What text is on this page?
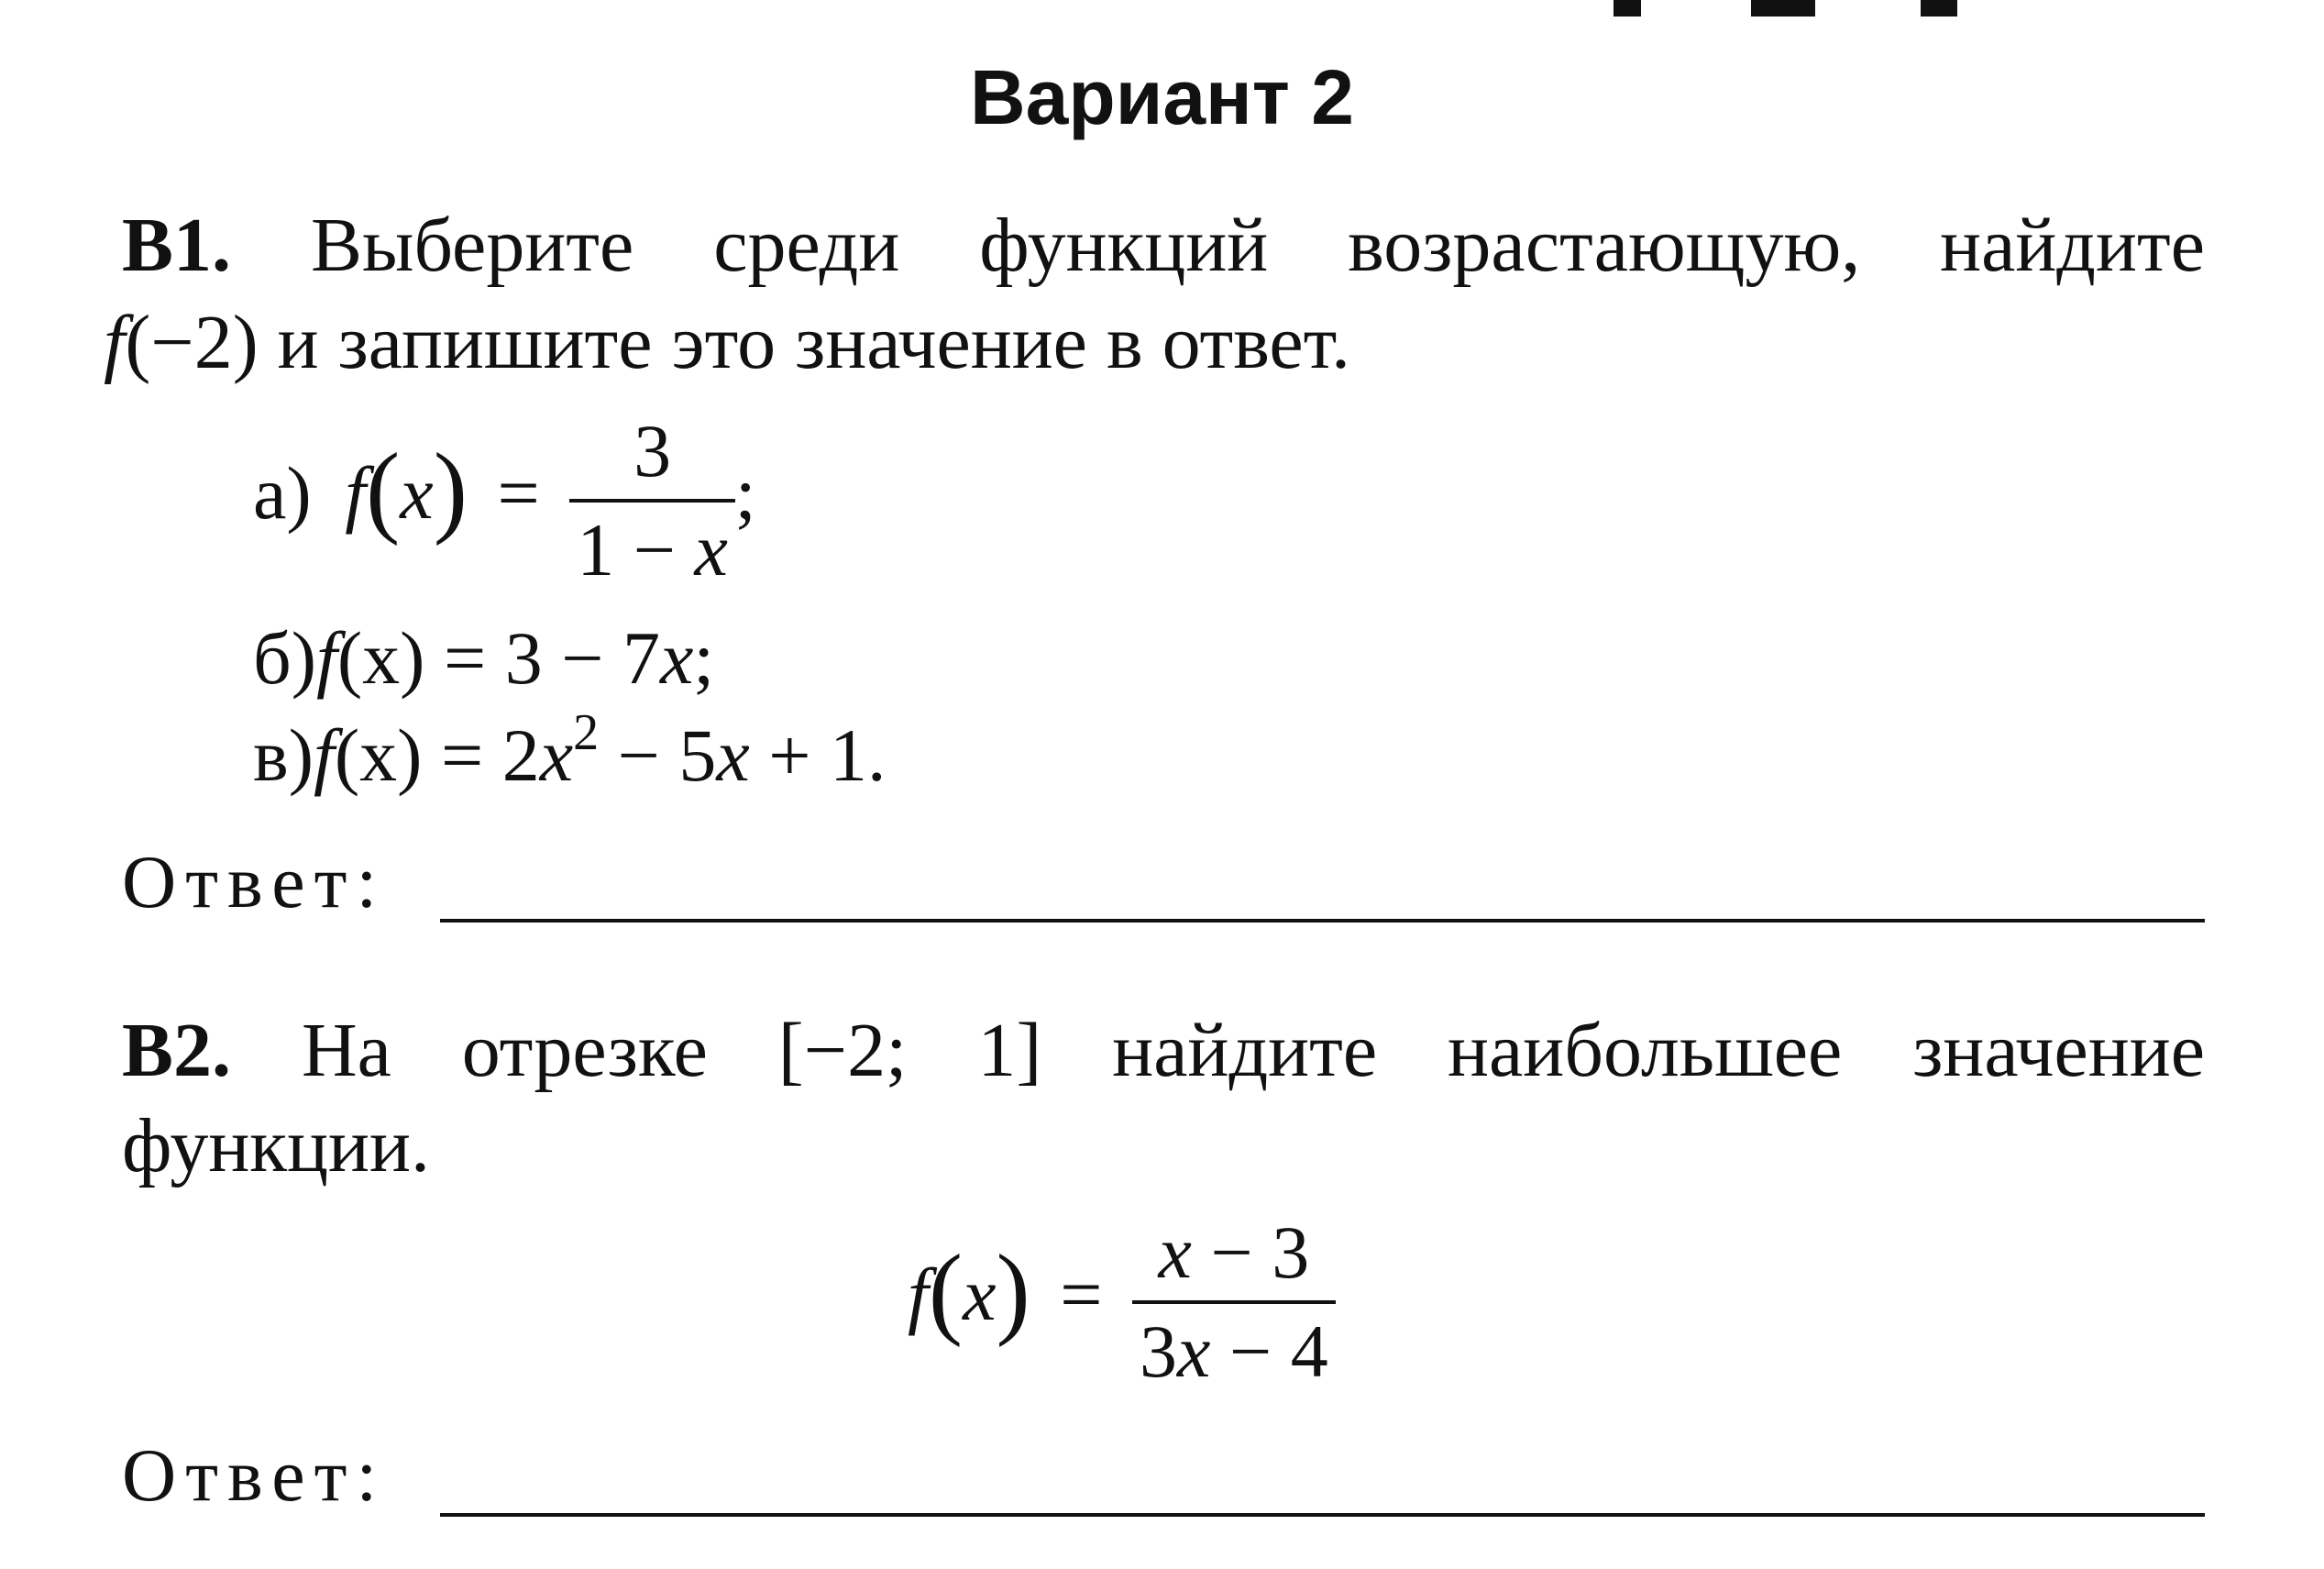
Вариант 2
В1. Выберите среди функций возрастающую, найдите
f(−2) и запишите это значение в ответ.
а) $f(x) = \frac{3}{1 - x}$ ;
б)f(x) = 3 − 7x;
$в)f(x) = 2x^2 - 5x + 1$.
Ответ:
В2. На отрезке [−2; 1] найдите наибольшее значение
функции.
$f(x) = \frac{x - 3}{3x - 4}$
Ответ:
